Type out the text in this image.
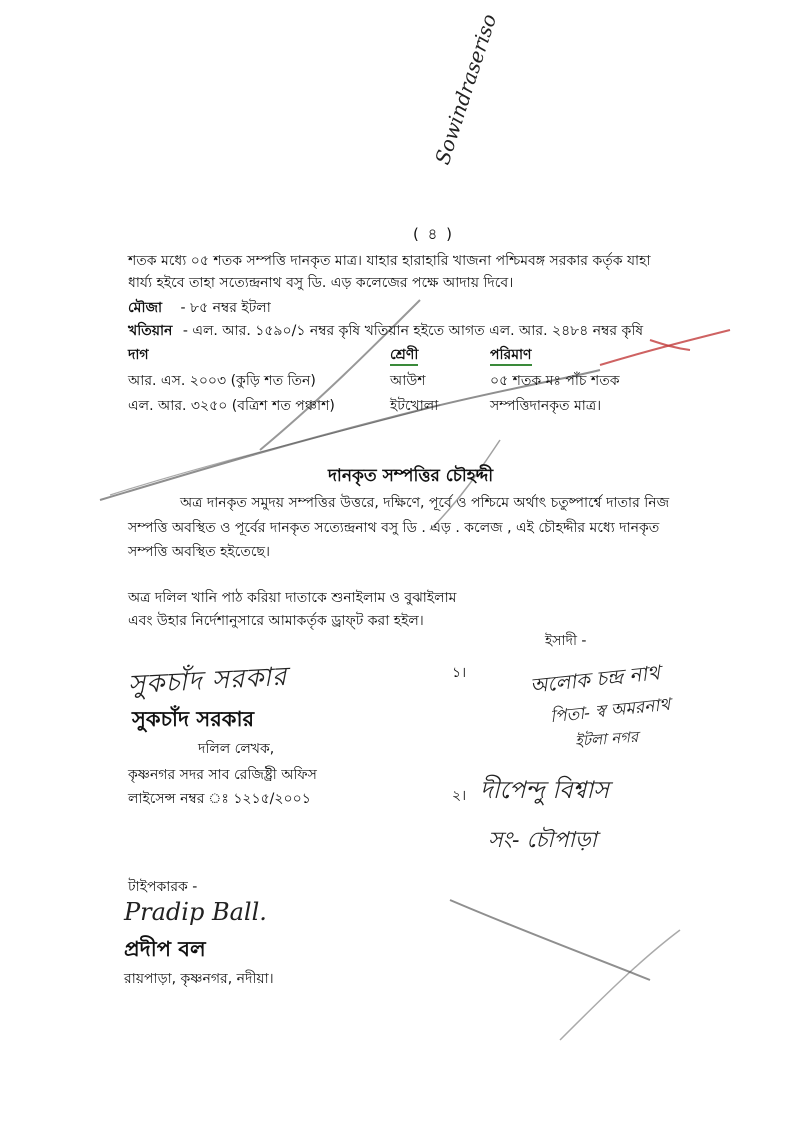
Sowindraseriso
( ৪ )
শতক মধ্যে ০৫ শতক সম্পত্তি দানকৃত মাত্র। যাহার হারাহারি খাজনা পশ্চিমবঙ্গ সরকার কর্তৃক যাহা
ধার্য্য হইবে তাহা সত্যেন্দ্রনাথ বসু ডি. এড় কলেজের পক্ষে আদায় দিবে।
মৌজা - ৮৫ নম্বর ইটলা
খতিয়ান - এল. আর. ১৫৯০/১ নম্বর কৃষি খতিয়ান হইতে আগত এল. আর. ২৪৮৪ নম্বর কৃষি
দাগ	শ্রেণী	পরিমাণ
আর. এস. ২০০৩ (কুড়ি শত তিন)	আউশ	০৫ শতক মঃ পাঁচ শতক
এল. আর. ৩২৫০ (বত্রিশ শত পঞ্চাশ)	ইটখোলা	সম্পত্তিদানকৃত মাত্র।
দানকৃত সম্পত্তির চৌহদ্দী
অত্র দানকৃত সমুদয় সম্পত্তির উত্তরে, দক্ষিণে, পূর্বে ও পশ্চিমে অর্থাৎ চতুষ্পার্শ্বে দাতার নিজ
সম্পত্তি অবস্থিত ও পূর্বের দানকৃত সত্যেন্দ্রনাথ বসু ডি . এড় . কলেজ , এই চৌহদ্দীর মধ্যে দানকৃত
সম্পত্তি অবস্থিত হইতেছে।
অত্র দলিল খানি পাঠ করিয়া দাতাকে শুনাইলাম ও বুঝাইলাম
এবং উহার নির্দেশানুসারে আমাকর্তৃক ড্রাফ্‌ট করা হইল।
ইসাদী -
১।	অলোক চন্দ্র নাথ
পিতা- স্ব অমরনাথ
ইটলা নগর
২। দীপেন্দু বিশ্বাস
সং- চৌপাড়া
সুকচাঁদ সরকার
সুকচাঁদ সরকার
দলিল লেখক,
কৃষ্ণনগর সদর সাব রেজিষ্ট্রী অফিস
লাইসেন্স নম্বর ঃ ১২১৫/২০০১
টাইপকারক -
Pradip Ball.
প্রদীপ বল
রায়পাড়া, কৃষ্ণনগর, নদীয়া।
